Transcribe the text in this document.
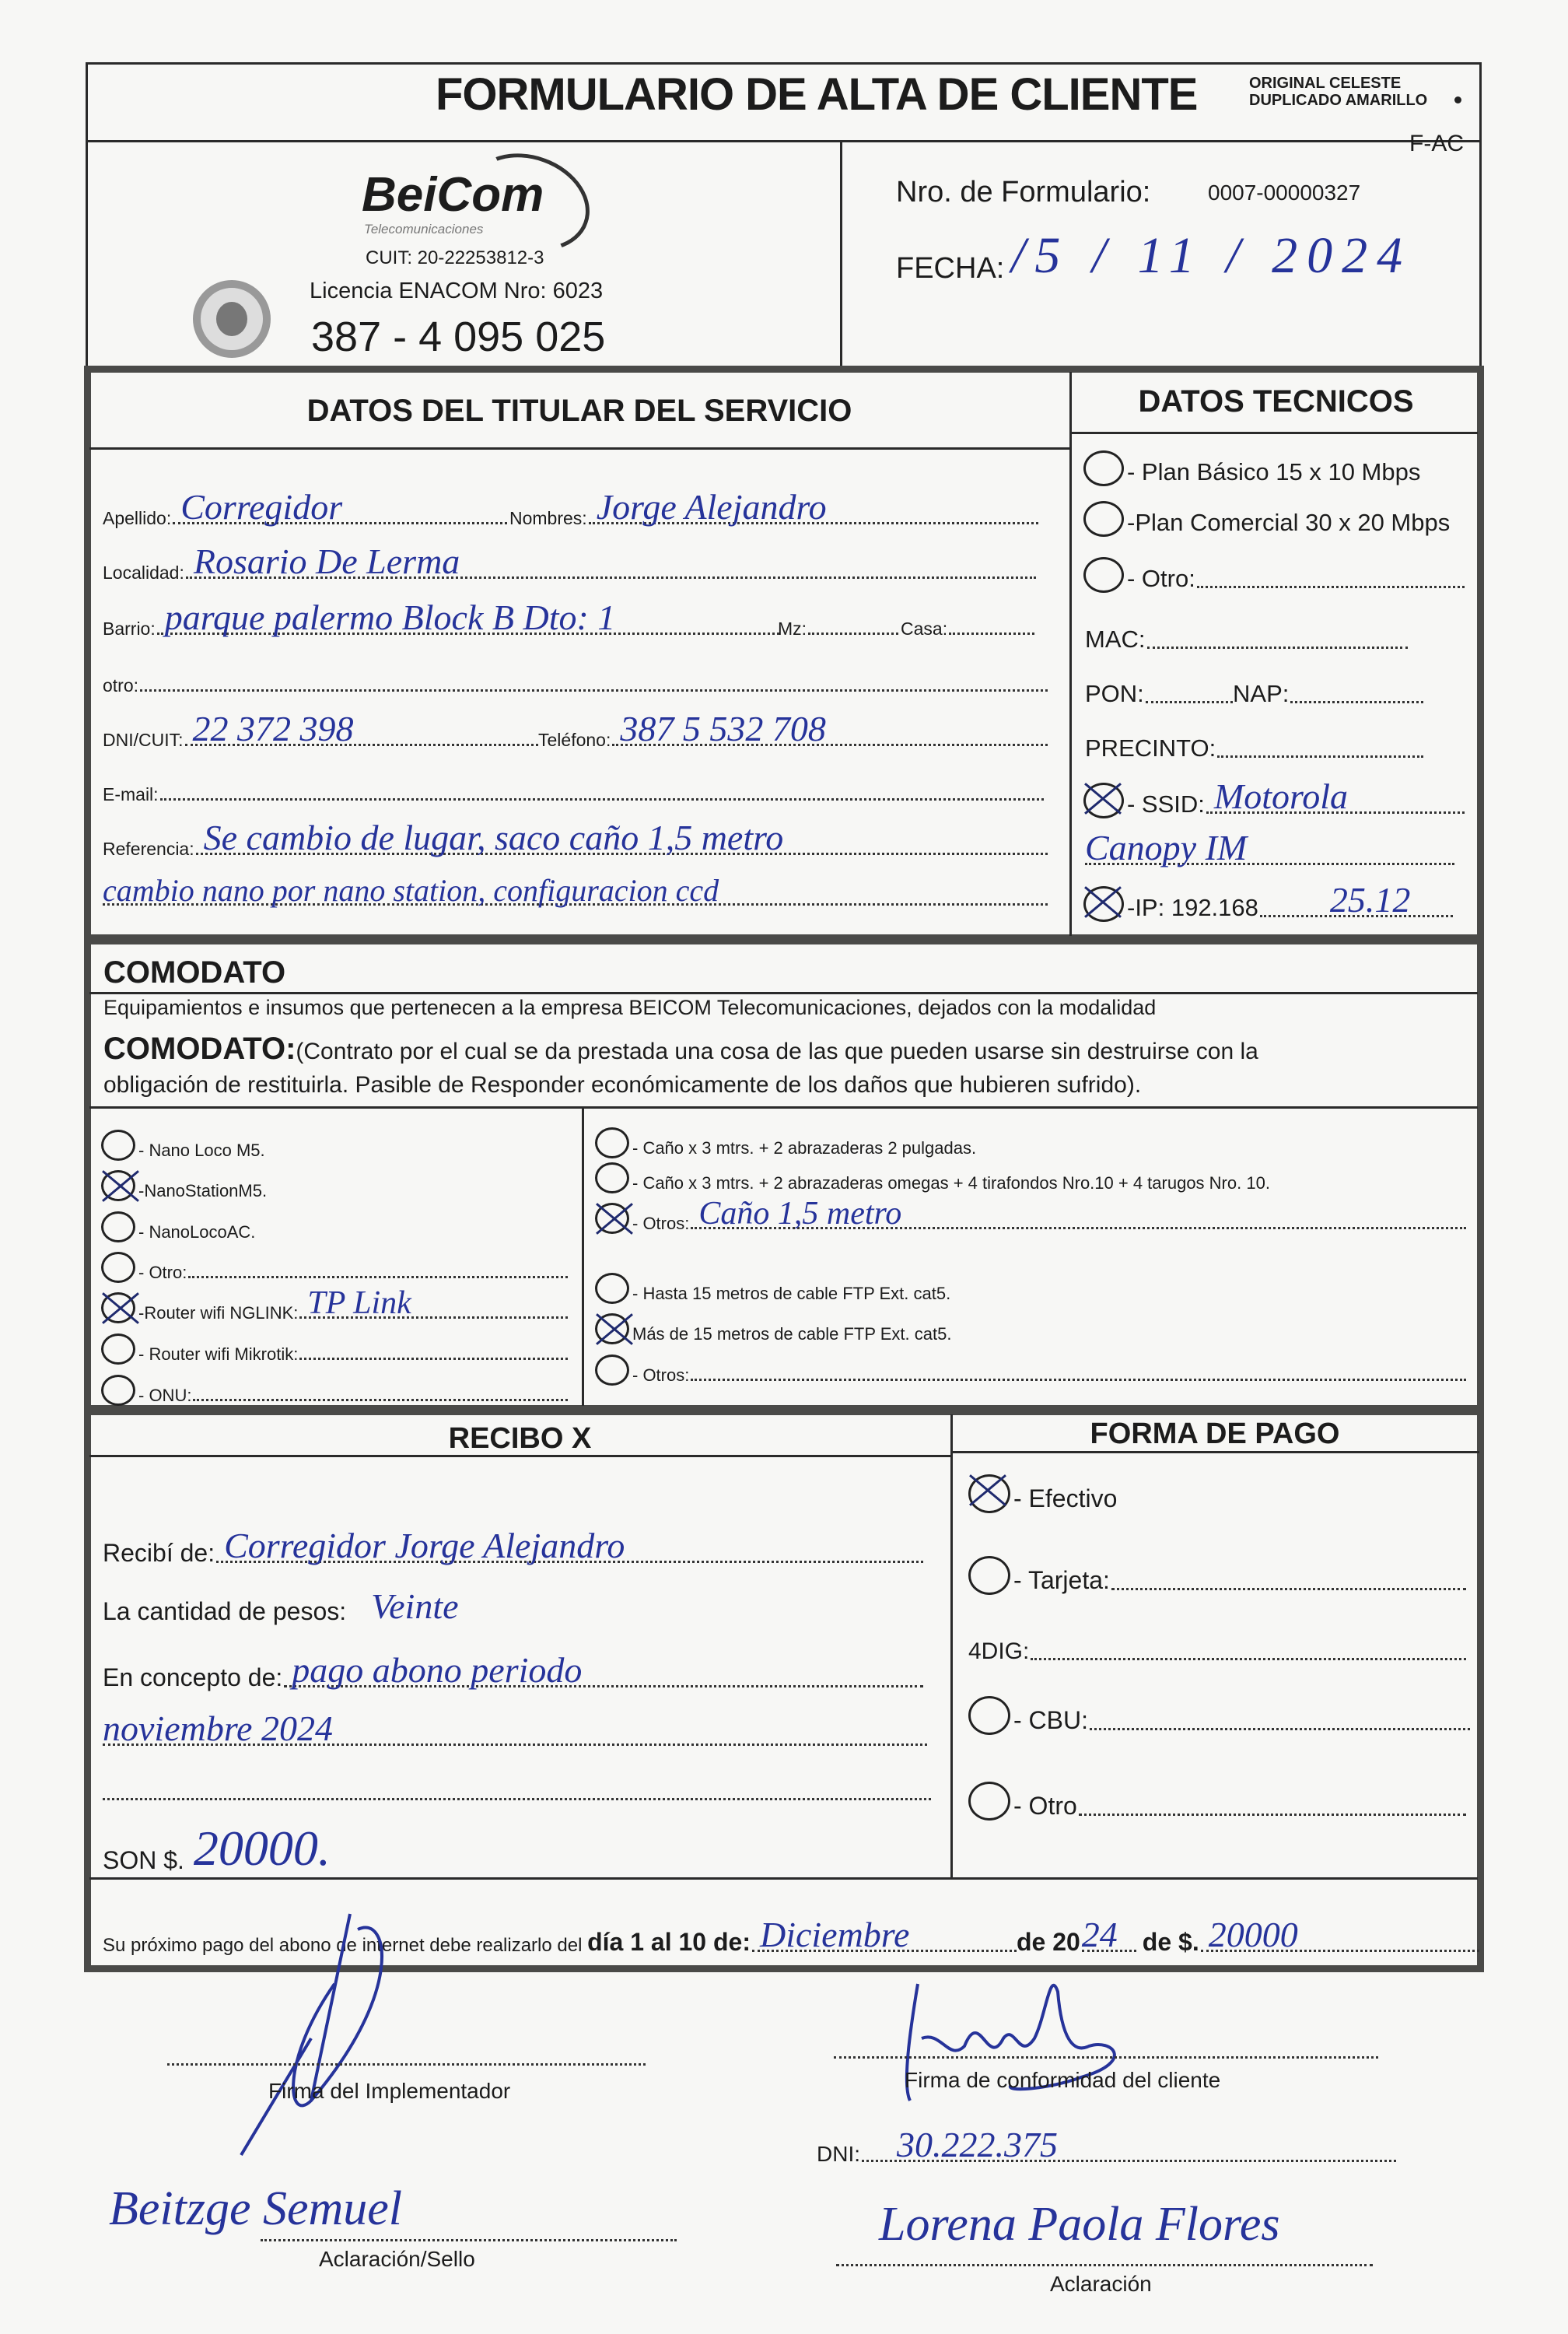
FORMULARIO DE ALTA DE CLIENTE	ORIGINAL CELESTE
DUPLICADO AMARILLO
F-AC
BeiCom
Telecomunicaciones
CUIT: 20-22253812-3
Licencia ENACOM Nro: 6023
387 - 4 095 025
Nro. de Formulario:	0007-00000327
FECHA: /5 / 11 / 2024
DATOS DEL TITULAR DEL SERVICIO	DATOS TECNICOS
Apellido: Corregidor	Nombres: Jorge Alejandro
Localidad: Rosario De Lerma
Barrio: parque palermo Block B Dto: 1	Mz:	Casa:
otro:
DNI/CUIT: 22 372 398	Teléfono: 387 5 532 708
E-mail:
Referencia: Se cambio de lugar, saco caño 1,5 metro
cambio nano por nano station, configuracion ccd
- Plan Básico 15 x 10 Mbps
-Plan Comercial 30 x 20 Mbps
- Otro:
MAC:
PON:	NAP:
PRECINTO:
- SSID: Motorola
Canopy IM
-IP: 192.168 25.12
COMODATO
Equipamientos e insumos que pertenecen a la empresa BEICOM Telecomunicaciones, dejados con la modalidad
COMODATO:(Contrato por el cual se da prestada una cosa de las que pueden usarse sin destruirse con la
obligación de restituirla. Pasible de Responder económicamente de los daños que hubieren sufrido).
- Nano Loco M5.
-NanoStationM5.
- NanoLocoAC.
- Otro:
-Router wifi NGLINK: TP Link
- Router wifi Mikrotik:
- ONU:
- Caño x 3 mtrs. + 2 abrazaderas 2 pulgadas.
- Caño x 3 mtrs. + 2 abrazaderas omegas + 4 tirafondos Nro.10 + 4 tarugos Nro. 10.
- Otros: Caño 1,5 metro
- Hasta 15 metros de cable FTP Ext. cat5.
Más de 15 metros de cable FTP Ext. cat5.
- Otros:
RECIBO X	FORMA DE PAGO
Recibí de: Corregidor Jorge Alejandro
La cantidad de pesos: Veinte
En concepto de: pago abono periodo
noviembre 2024
SON $. 20000.
Su próximo pago del abono de internet debe realizarlo del
día 1 al 10 de: Diciembre	de 20 24 de $. 20000
- Efectivo
- Tarjeta:
4DIG:
- CBU:
- Otro
Firma del Implementador	Firma de conformidad del cliente
DNI: 30.222.375
Beitzge Semuel
Aclaración/Sello
Lorena Paola Flores
Aclaración
